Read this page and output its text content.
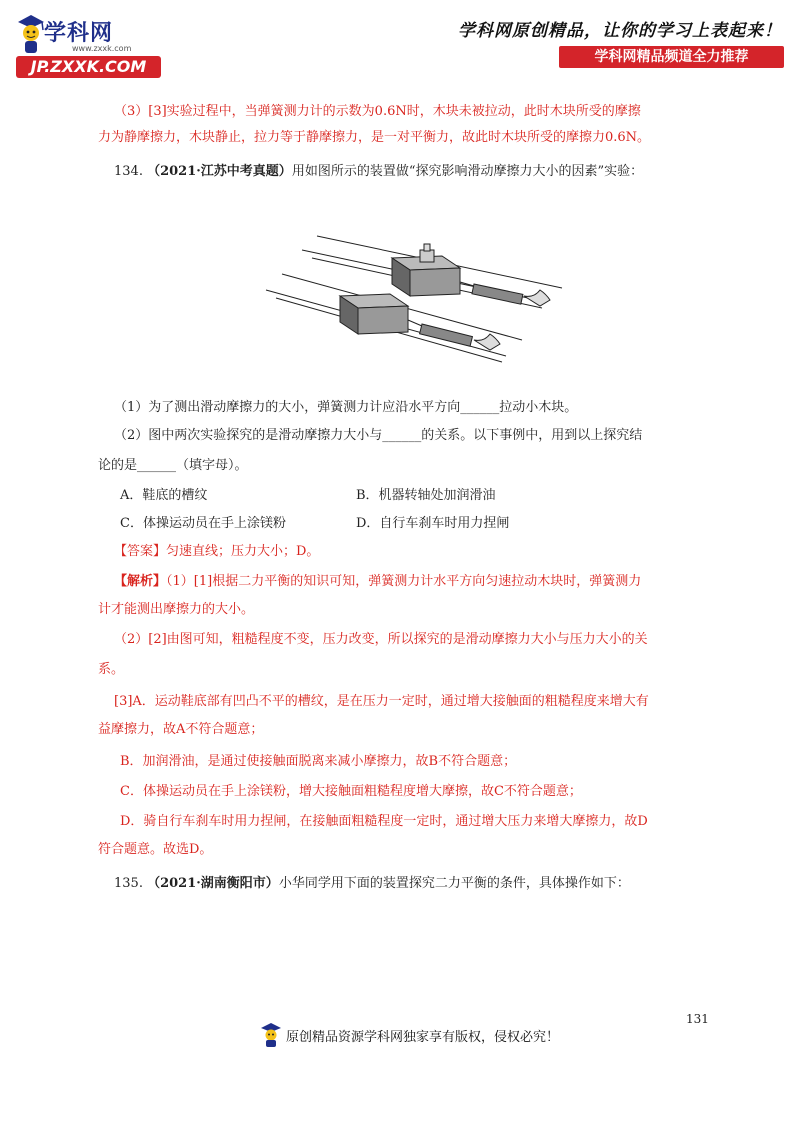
学科网
www.zxxk.com
JP.ZXXK.COM
学科网原创精品，让你的学习上表起来！
学科网精品频道全力推荐
（3）[3]实验过程中，当弹簧测力计的示数为0.6N时，木块未被拉动，此时木块所受的摩擦
力为静摩擦力，木块静止，拉力等于静摩擦力，是一对平衡力，故此时木块所受的摩擦力0.6N。
134. （2021·江苏中考真题）用如图所示的装置做“探究影响滑动摩擦力大小的因素”实验：
（1）为了测出滑动摩擦力的大小，弹簧测力计应沿水平方向______拉动小木块。
（2）图中两次实验探究的是滑动摩擦力大小与______的关系。以下事例中，用到以上探究结
论的是______（填字母）。
A．鞋底的槽纹	B．机器转轴处加润滑油
C．体操运动员在手上涂镁粉	D．自行车刹车时用力捏闸
【答案】匀速直线；压力大小；D。
【解析】（1）[1]根据二力平衡的知识可知，弹簧测力计水平方向匀速拉动木块时，弹簧测力
计才能测出摩擦力的大小。
（2）[2]由图可知，粗糙程度不变，压力改变，所以探究的是滑动摩擦力大小与压力大小的关
系。
[3]A．运动鞋底部有凹凸不平的槽纹，是在压力一定时，通过增大接触面的粗糙程度来增大有
益摩擦力，故A不符合题意；
B．加润滑油，是通过使接触面脱离来减小摩擦力，故B不符合题意；
C．体操运动员在手上涂镁粉，增大接触面粗糙程度增大摩擦，故C不符合题意；
D．骑自行车刹车时用力捏闸，在接触面粗糙程度一定时，通过增大压力来增大摩擦力，故D
符合题意。故选D。
135. （2021·湖南衡阳市）小华同学用下面的装置探究二力平衡的条件，具体操作如下：
131
原创精品资源学科网独家享有版权，侵权必究！
